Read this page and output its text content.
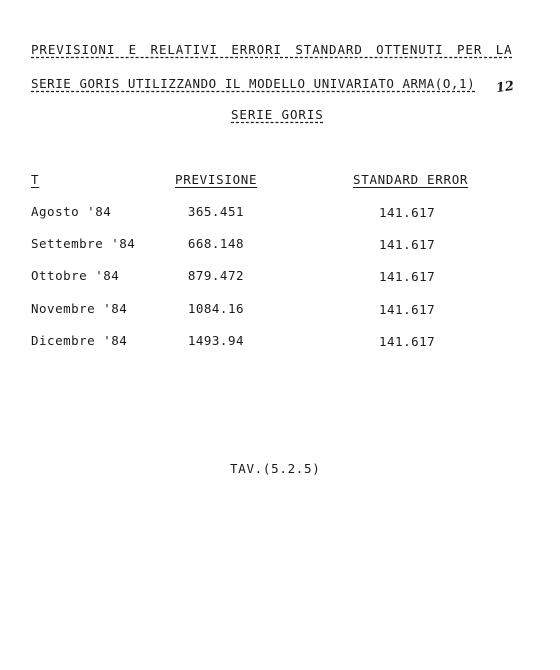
PREVISIONI E RELATIVI ERRORI STANDARD OTTENUTI PER LA
SERIE GORIS UTILIZZANDO IL MODELLO UNIVARIATO ARMA(O,1) 12
SERIE GORIS
T	PREVISIONE	STANDARD ERROR
Agosto '84	365.451	141.617
Settembre '84	668.148	141.617
Ottobre '84	879.472	141.617
Novembre '84	1084.16	141.617
Dicembre '84	1493.94	141.617
TAV.(5.2.5)
